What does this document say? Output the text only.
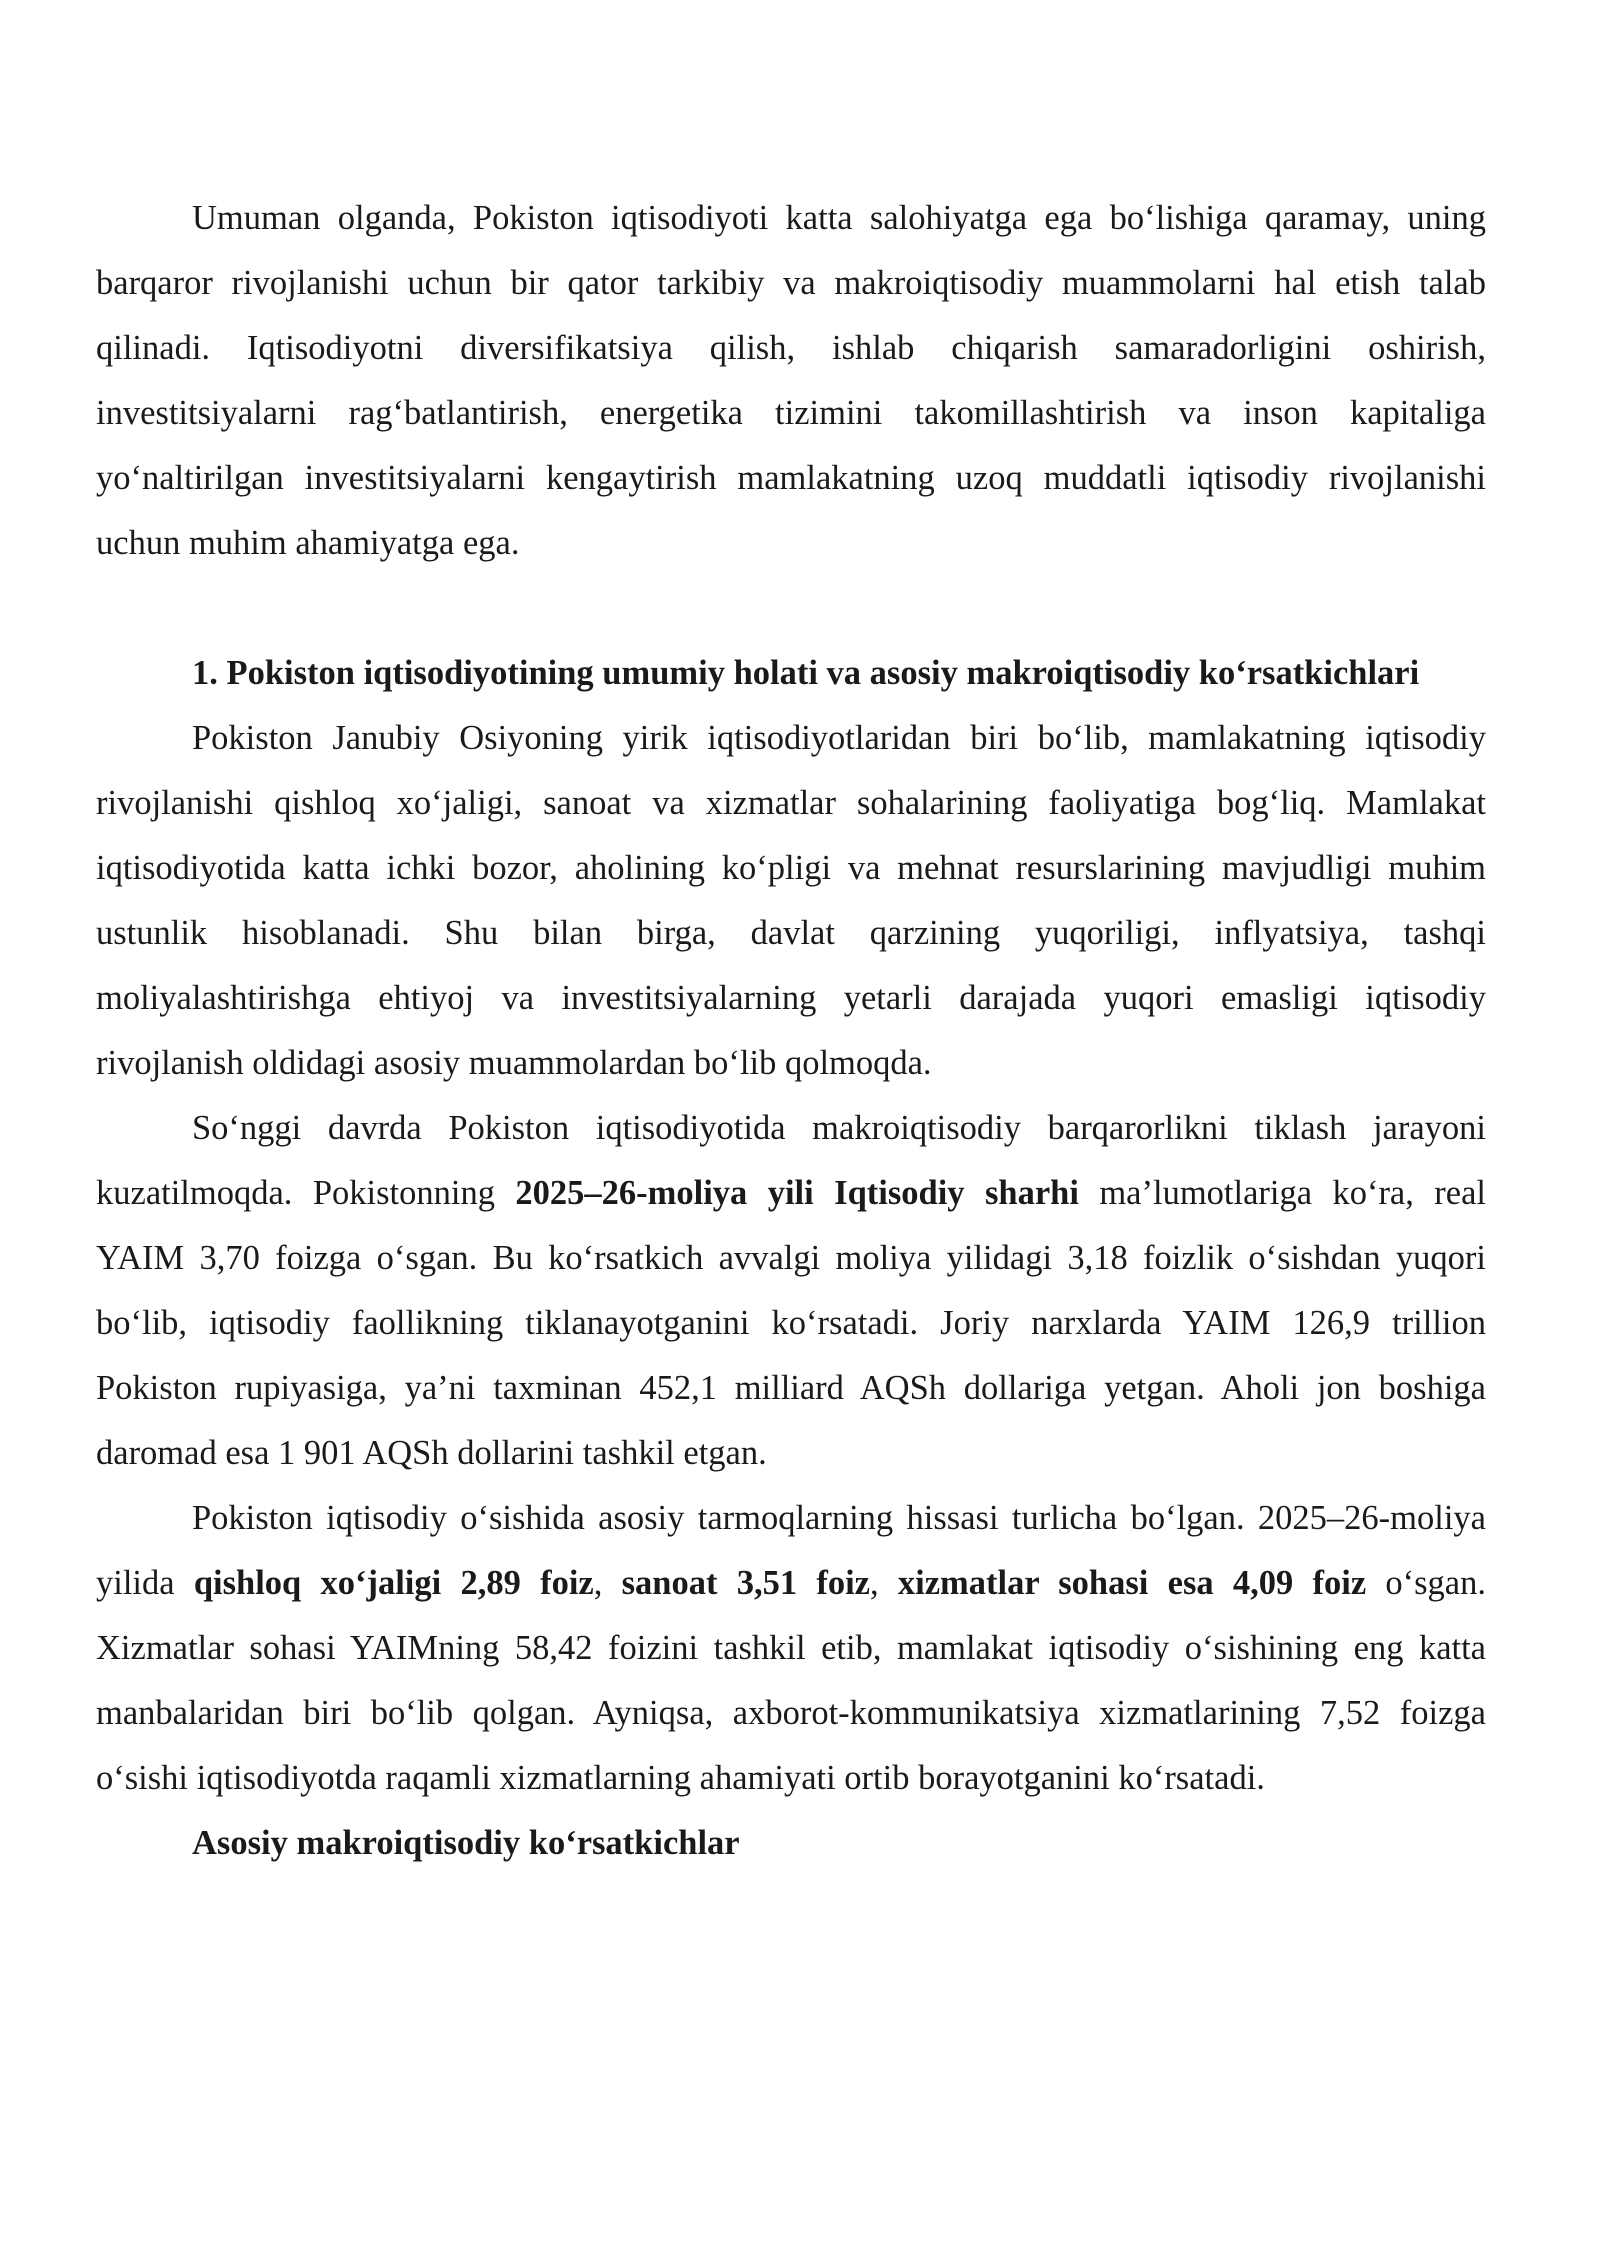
Umuman olganda, Pokiston iqtisodiyoti katta salohiyatga ega boʻlishiga qaramay, uning barqaror rivojlanishi uchun bir qator tarkibiy va makroiqtisodiy muammolarni hal etish talab qilinadi. Iqtisodiyotni diversifikatsiya qilish, ishlab chiqarish samaradorligini oshirish, investitsiyalarni ragʻbatlantirish, energetika tizimini takomillashtirish va inson kapitaliga yoʻnaltirilgan investitsiyalarni kengaytirish mamlakatning uzoq muddatli iqtisodiy rivojlanishi uchun muhim ahamiyatga ega.

1. Pokiston iqtisodiyotining umumiy holati va asosiy makroiqtisodiy koʻrsatkichlari

Pokiston Janubiy Osiyoning yirik iqtisodiyotlaridan biri boʻlib, mamlakatning iqtisodiy rivojlanishi qishloq xoʻjaligi, sanoat va xizmatlar sohalarining faoliyatiga bogʻliq. Mamlakat iqtisodiyotida katta ichki bozor, aholining koʻpligi va mehnat resurslarining mavjudligi muhim ustunlik hisoblanadi. Shu bilan birga, davlat qarzining yuqoriligi, inflyatsiya, tashqi moliyalashtirishga ehtiyoj va investitsiyalarning yetarli darajada yuqori emasligi iqtisodiy rivojlanish oldidagi asosiy muammolardan boʻlib qolmoqda.

Soʻnggi davrda Pokiston iqtisodiyotida makroiqtisodiy barqarorlikni tiklash jarayoni kuzatilmoqda. Pokistonning 2025–26-moliya yili Iqtisodiy sharhi ma’lumotlariga koʻra, real YAIM 3,70 foizga oʻsgan. Bu koʻrsatkich avvalgi moliya yilidagi 3,18 foizlik oʻsishdan yuqori boʻlib, iqtisodiy faollikning tiklanayotganini koʻrsatadi. Joriy narxlarda YAIM 126,9 trillion Pokiston rupiyasiga, ya’ni taxminan 452,1 milliard AQSh dollariga yetgan. Aholi jon boshiga daromad esa 1 901 AQSh dollarini tashkil etgan.

Pokiston iqtisodiy oʻsishida asosiy tarmoqlarning hissasi turlicha boʻlgan. 2025–26-moliya yilida qishloq xoʻjaligi 2,89 foiz, sanoat 3,51 foiz, xizmatlar sohasi esa 4,09 foiz oʻsgan. Xizmatlar sohasi YAIMning 58,42 foizini tashkil etib, mamlakat iqtisodiy oʻsishining eng katta manbalaridan biri boʻlib qolgan. Ayniqsa, axborot-kommunikatsiya xizmatlarining 7,52 foizga oʻsishi iqtisodiyotda raqamli xizmatlarning ahamiyati ortib borayotganini koʻrsatadi.

Asosiy makroiqtisodiy koʻrsatkichlar
